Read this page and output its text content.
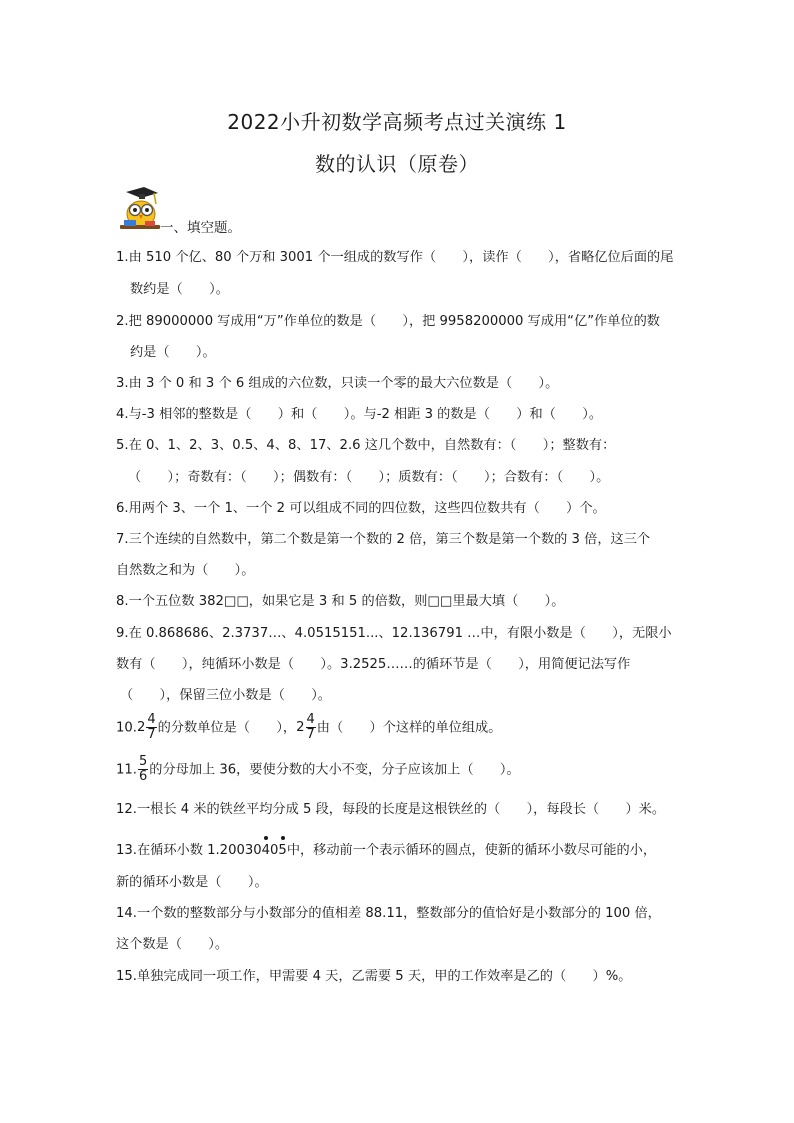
2022小升初数学高频考点过关演练 1
数的认识（原卷）
一、填空题。
1.由 510 个亿、80 个万和 3001 个一组成的数写作（　　），读作（　　），省略亿位后面的尾
数约是（　　）。
2.把 89000000 写成用“万”作单位的数是（　　），把 9958200000 写成用“亿”作单位的数
约是（　　）。
3.由 3 个 0 和 3 个 6 组成的六位数，只读一个零的最大六位数是（　　）。
4.与-3 相邻的整数是（　　）和（　　）。与-2 相距 3 的数是（　　）和（　　）。
5.在 0、1、2、3、0.5、4、8、17、2.6 这几个数中，自然数有：（　　）；整数有：
（　　）；奇数有：（　　）；偶数有：（　　）；质数有：（　　）；合数有：（　　）。
6.用两个 3、一个 1、一个 2 可以组成不同的四位数，这些四位数共有（　　）个。
7.三个连续的自然数中，第二个数是第一个数的 2 倍，第三个数是第一个数的 3 倍，这三个
自然数之和为（　　）。
8.一个五位数 382□□，如果它是 3 和 5 的倍数，则□□里最大填（　　）。
9.在 0.868686、2.3737…、4.0515151...、12.136791 …中，有限小数是（　　），无限小
数有（　　），纯循环小数是（　　）。3.2525……的循环节是（　　），用简便记法写作
（　　），保留三位小数是（　　）。
$10.2 \frac{4}{7}$ 的分数单位是（　　），$2 \frac{4}{7}$ 由（　　）个这样的单位组成。
11. $\frac{5}{6}$ 的分母加上 36，要使分数的大小不变，分子应该加上（　　）。
12.一根长 4 米的铁丝平均分成 5 段，每段的长度是这根铁丝的（　　），每段长（　　）米。
13.在循环小数 1.20030405中，移动前一个表示循环的圆点，使新的循环小数尽可能的小，
新的循环小数是（　　）。
14.一个数的整数部分与小数部分的值相差 88.11，整数部分的值恰好是小数部分的 100 倍，
这个数是（　　）。
15.单独完成同一项工作，甲需要 4 天，乙需要 5 天，甲的工作效率是乙的（　　）%。
